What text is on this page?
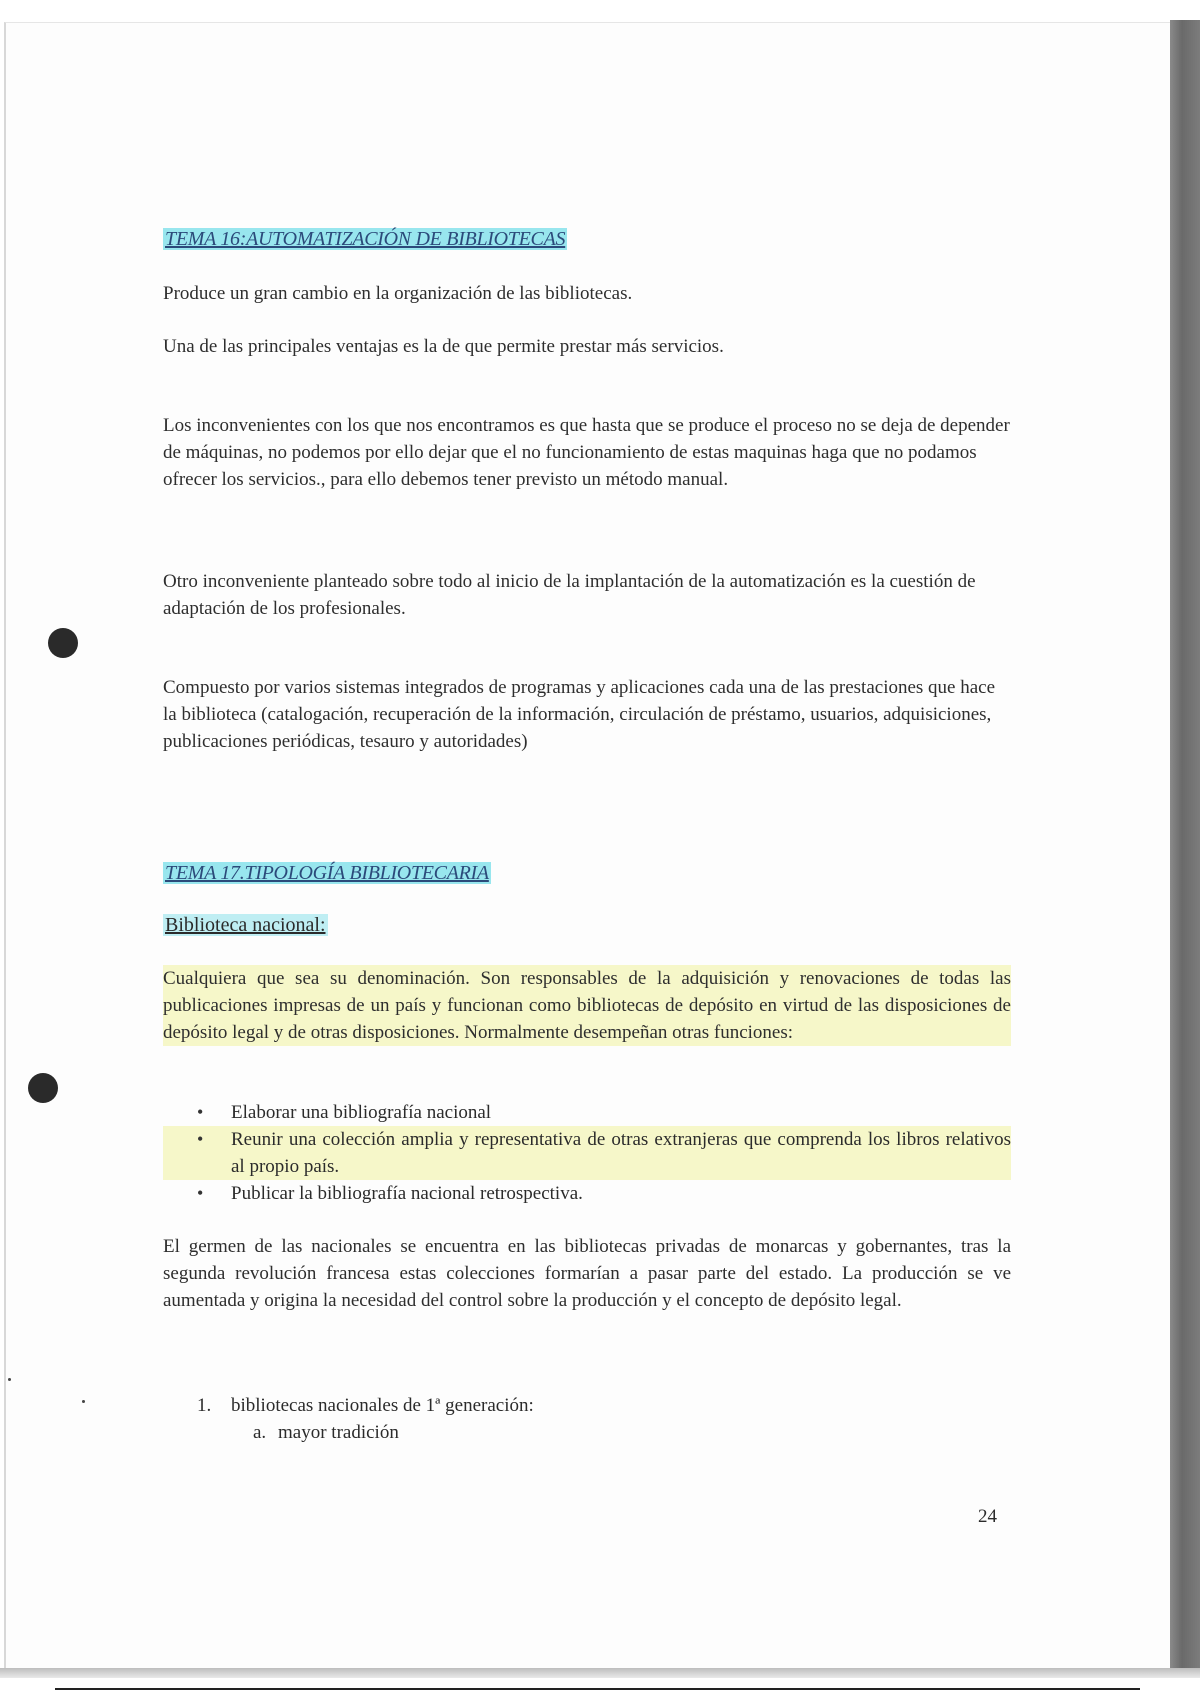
TEMA 16:AUTOMATIZACIÓN DE BIBLIOTECAS

Produce un gran cambio en la organización de las bibliotecas.

Una de las principales ventajas es la de que permite prestar más servicios.

Los inconvenientes con los que nos encontramos es que hasta que se produce el proceso no se deja de depender de máquinas, no podemos por ello dejar que el no funcionamiento de estas maquinas haga que no podamos ofrecer los servicios., para ello debemos tener previsto un método manual.

Otro inconveniente planteado sobre todo al inicio de la implantación de la automatización es la cuestión de adaptación de los profesionales.

Compuesto por varios sistemas integrados de programas y aplicaciones cada una de las prestaciones que hace la biblioteca (catalogación, recuperación de la información, circulación de préstamo, usuarios, adquisiciones, publicaciones periódicas, tesauro y autoridades)

TEMA 17.TIPOLOGÍA BIBLIOTECARIA
Biblioteca nacional:

Cualquiera que sea su denominación. Son responsables de la adquisición y renovaciones de todas las publicaciones impresas de un país y funcionan como bibliotecas de depósito en virtud de las disposiciones de depósito legal y de otras disposiciones. Normalmente desempeñan otras funciones:

• Elaborar una bibliografía nacional
• Reunir una colección amplia y representativa de otras extranjeras que comprenda los libros relativos al propio país.
• Publicar la bibliografía nacional retrospectiva.

El germen de las nacionales se encuentra en las bibliotecas privadas de monarcas y gobernantes, tras la segunda revolución francesa estas colecciones formarían a pasar parte del estado. La producción se ve aumentada y origina la necesidad del control sobre la producción y el concepto de depósito legal.

1. bibliotecas nacionales de 1ª generación:
a. mayor tradición
24
